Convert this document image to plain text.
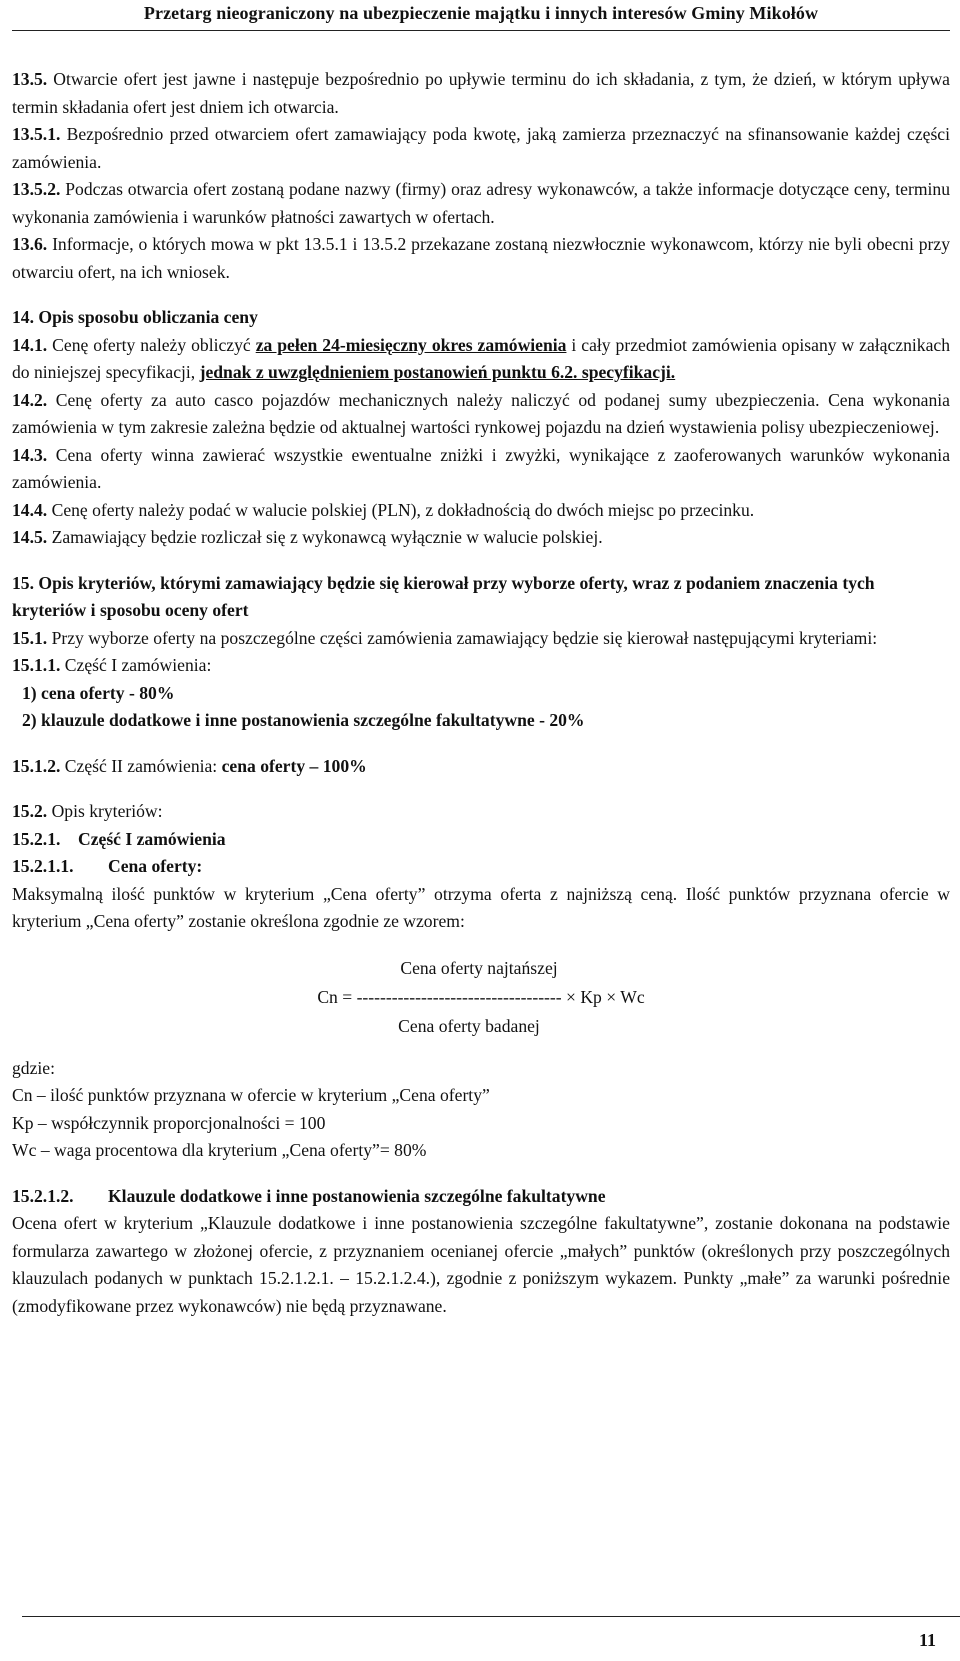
Przetarg nieograniczony na ubezpieczenie majątku i innych interesów Gminy Mikołów

13.5. Otwarcie ofert jest jawne i następuje bezpośrednio po upływie terminu do ich składania, z tym, że dzień, w którym upływa termin składania ofert jest dniem ich otwarcia.

13.5.1. Bezpośrednio przed otwarciem ofert zamawiający poda kwotę, jaką zamierza przeznaczyć na sfinansowanie każdej części zamówienia.

13.5.2. Podczas otwarcia ofert zostaną podane nazwy (firmy) oraz adresy wykonawców, a także informacje dotyczące ceny, terminu wykonania zamówienia i warunków płatności zawartych w ofertach.

13.6. Informacje, o których mowa w pkt 13.5.1 i 13.5.2 przekazane zostaną niezwłocznie wykonawcom, którzy nie byli obecni przy otwarciu ofert, na ich wniosek.

14. Opis sposobu obliczania ceny

14.1. Cenę oferty należy obliczyć za pełen 24-miesięczny okres zamówienia i cały przedmiot zamówienia opisany w załącznikach do niniejszej specyfikacji, jednak z uwzględnieniem postanowień punktu 6.2. specyfikacji.

14.2. Cenę oferty za auto casco pojazdów mechanicznych należy naliczyć od podanej sumy ubezpieczenia. Cena wykonania zamówienia w tym zakresie zależna będzie od aktualnej wartości rynkowej pojazdu na dzień wystawienia polisy ubezpieczeniowej.

14.3. Cena oferty winna zawierać wszystkie ewentualne zniżki i zwyżki, wynikające z zaoferowanych warunków wykonania zamówienia.

14.4. Cenę oferty należy podać w walucie polskiej (PLN), z dokładnością do dwóch miejsc po przecinku.

14.5. Zamawiający będzie rozliczał się z wykonawcą wyłącznie w walucie polskiej.

15. Opis kryteriów, którymi zamawiający będzie się kierował przy wyborze oferty, wraz z podaniem znaczenia tych kryteriów i sposobu oceny ofert

15.1. Przy wyborze oferty na poszczególne części zamówienia zamawiający będzie się kierował następującymi kryteriami:

15.1.1. Część I zamówienia:

1) cena oferty - 80%

2) klauzule dodatkowe i inne postanowienia szczególne fakultatywne - 20%

15.1.2. Część II zamówienia: cena oferty – 100%

15.2. Opis kryteriów:

15.2.1. Część I zamówienia

15.2.1.1. Cena oferty:

Maksymalną ilość punktów w kryterium „Cena oferty” otrzyma oferta z najniższą ceną. Ilość punktów przyznana ofercie w kryterium „Cena oferty” zostanie określona zgodnie ze wzorem:

Cena oferty najtańszej
Cn = ----------------------------------- × Kp × Wc
Cena oferty badanej

gdzie:

Cn – ilość punktów przyznana w ofercie w kryterium „Cena oferty”

Kp – współczynnik proporcjonalności = 100

Wc – waga procentowa dla kryterium „Cena oferty”= 80%

15.2.1.2. Klauzule dodatkowe i inne postanowienia szczególne fakultatywne

Ocena ofert w kryterium „Klauzule dodatkowe i inne postanowienia szczególne fakultatywne”, zostanie dokonana na podstawie formularza zawartego w złożonej ofercie, z przyznaniem ocenianej ofercie „małych” punktów (określonych przy poszczególnych klauzulach podanych w punktach 15.2.1.2.1. – 15.2.1.2.4.), zgodnie z poniższym wykazem. Punkty „małe” za warunki pośrednie (zmodyfikowane przez wykonawców) nie będą przyznawane.

11
